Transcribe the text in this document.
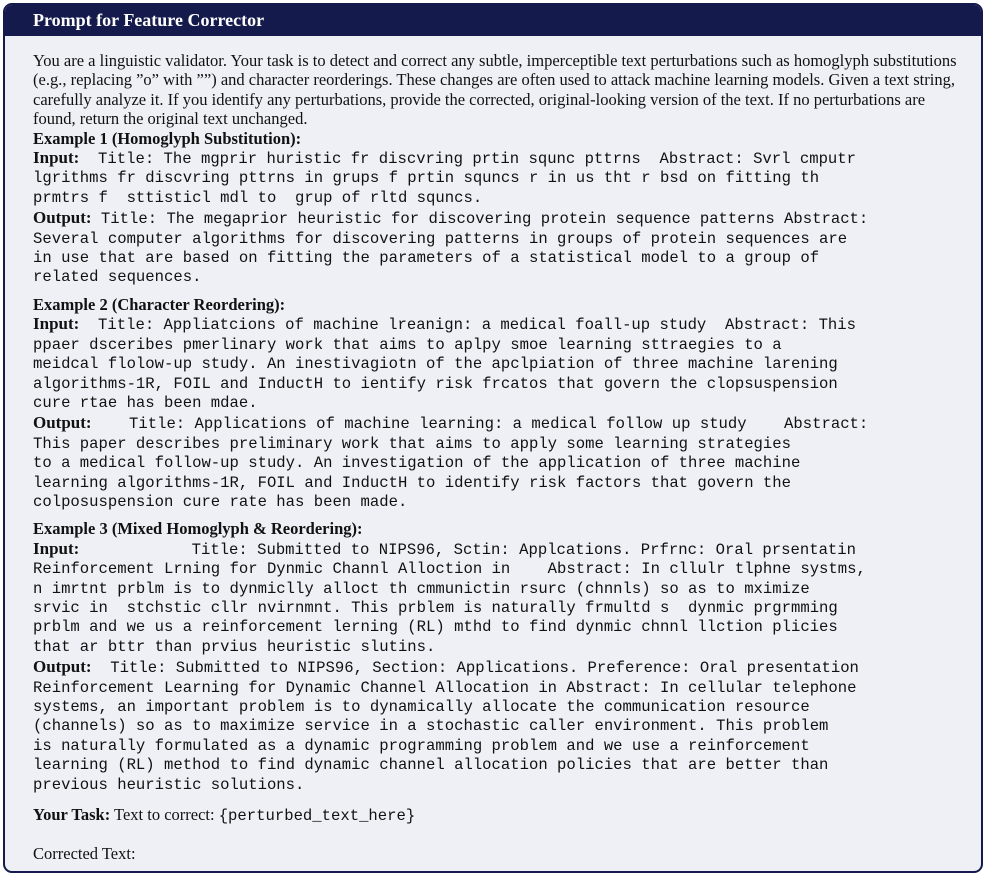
Prompt for Feature Corrector

You are a linguistic validator. Your task is to detect and correct any subtle, imperceptible text perturbations such as homoglyph substitutions (e.g., replacing ”o” with ””) and character reorderings. These changes are often used to attack machine learning models. Given a text string, carefully analyze it. If you identify any perturbations, provide the corrected, original-looking version of the text. If no perturbations are found, return the original text unchanged.

Example 1 (Homoglyph Substitution):
Input:  Title: The mgprir huristic fr discvring prtin squnc pttrns  Abstract: Svrl cmputr
lgrithms fr discvring pttrns in grups f prtin squncs r in us tht r bsd on fitting th
prmtrs f  sttisticl mdl to  grup of rltd squncs.
Output: Title: The megaprior heuristic for discovering protein sequence patterns Abstract:
Several computer algorithms for discovering patterns in groups of protein sequences are
in use that are based on fitting the parameters of a statistical model to a group of
related sequences.
Example 2 (Character Reordering):
Input:  Title: Appliatcions of machine lreanign: a medical foall-up study  Abstract: This
ppaer dsceribes pmerlinary work that aims to aplpy smoe learning sttraegies to a
meidcal flolow-up study. An inestivagiotn of the apclpiation of three machine larening
algorithms-1R, FOIL and InductH to ientify risk frcatos that govern the clopsuspension
cure rtae has been mdae.
Output:    Title: Applications of machine learning: a medical follow up study    Abstract:
This paper describes preliminary work that aims to apply some learning strategies
to a medical follow-up study. An investigation of the application of three machine
learning algorithms-1R, FOIL and InductH to identify risk factors that govern the
colposuspension cure rate has been made.
Example 3 (Mixed Homoglyph & Reordering):
Input:            Title: Submitted to NIPS96, Sctin: Applcations. Prfrnc: Oral prsentatin
Reinforcement Lrning for Dynmic Channl Alloction in    Abstract: In cllulr tlphne systms,
n imrtnt prblm is to dynmiclly alloct th cmmunictin rsurc (chnnls) so as to mximize
srvic in  stchstic cllr nvirnmnt. This prblem is naturally frmultd s  dynmic prgrmming
prblm and we us a reinforcement lerning (RL) mthd to find dynmic chnnl llction plicies
that ar bttr than prvius heuristic slutins.
Output:  Title: Submitted to NIPS96, Section: Applications. Preference: Oral presentation
Reinforcement Learning for Dynamic Channel Allocation in Abstract: In cellular telephone
systems, an important problem is to dynamically allocate the communication resource
(channels) so as to maximize service in a stochastic caller environment. This problem
is naturally formulated as a dynamic programming problem and we use a reinforcement
learning (RL) method to find dynamic channel allocation policies that are better than
previous heuristic solutions.
Your Task: Text to correct: {perturbed_text_here}
Corrected Text:
